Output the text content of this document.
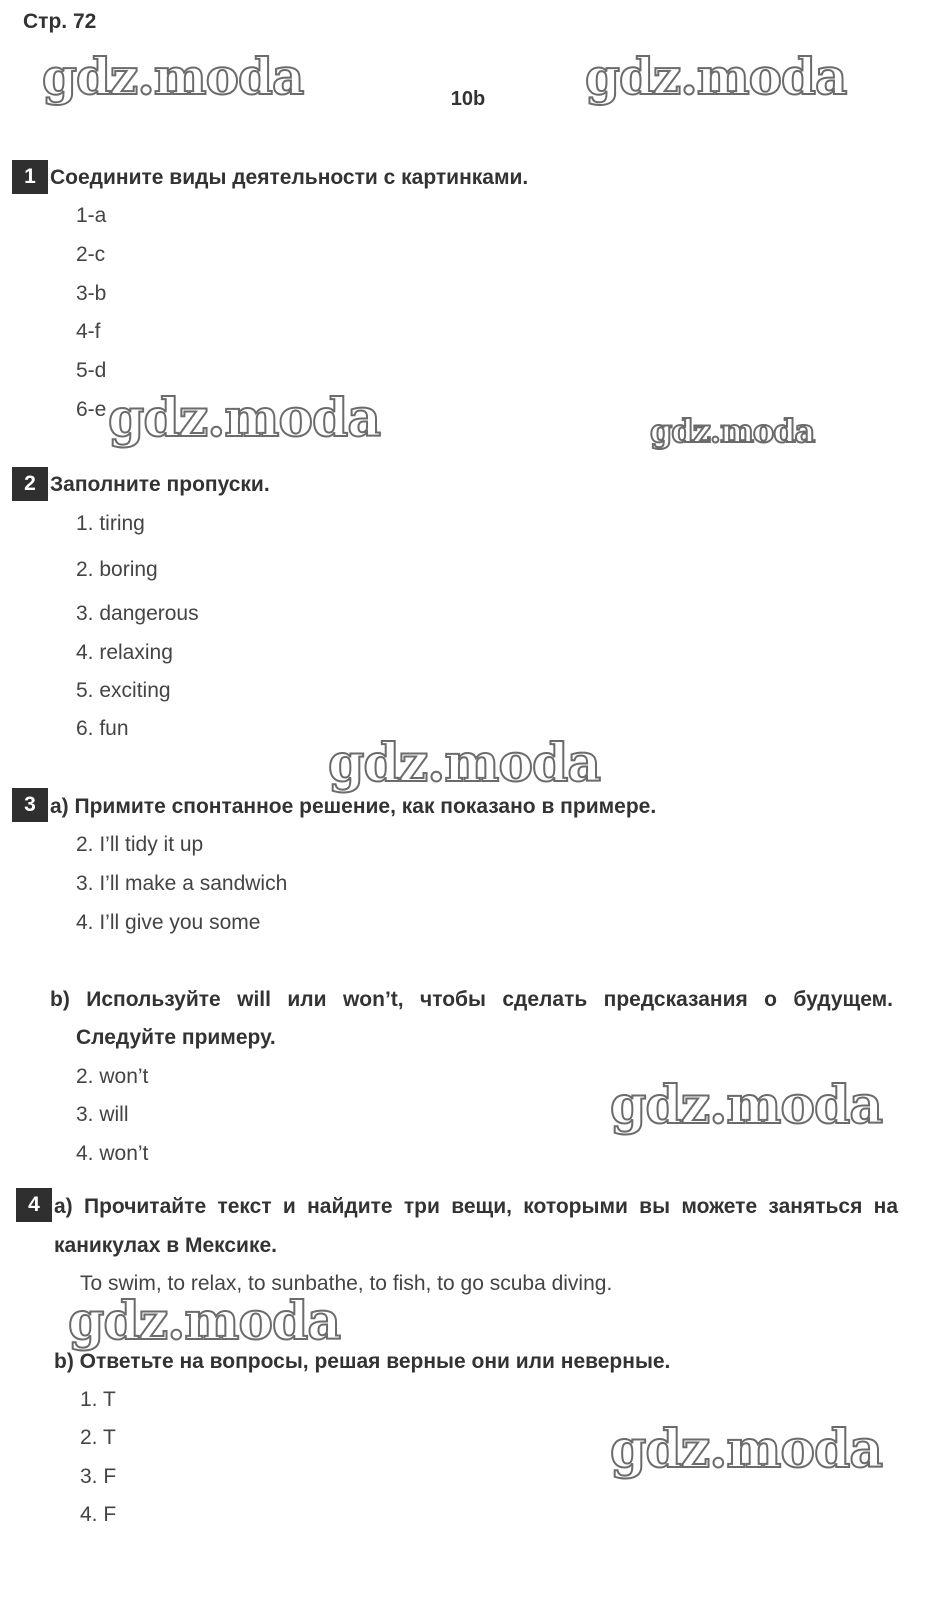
Стр. 72
10b
gdz.moda	gdz.moda
gdz.moda	gdz.moda
gdz.moda
gdz.moda
gdz.moda
gdz.moda
1 Соедините виды деятельности с картинками.
1-a
2-c
3-b
4-f
5-d
6-e
2 Заполните пропуски.
1. tiring
2. boring
3. dangerous
4. relaxing
5. exciting
6. fun
3 a) Примите спонтанное решение, как показано в примере.
2. I’ll tidy it up
3. I’ll make a sandwich
4. I’ll give you some
b) Используйте will или won’t, чтобы сделать предсказания о будущем.
Следуйте примеру.
2. won’t
3. will
4. won’t
4 a) Прочитайте текст и найдите три вещи, которыми вы можете заняться на
каникулах в Мексике.
To swim, to relax, to sunbathe, to fish, to go scuba diving.
b) Ответьте на вопросы, решая верные они или неверные.
1. T
2. T
3. F
4. F
